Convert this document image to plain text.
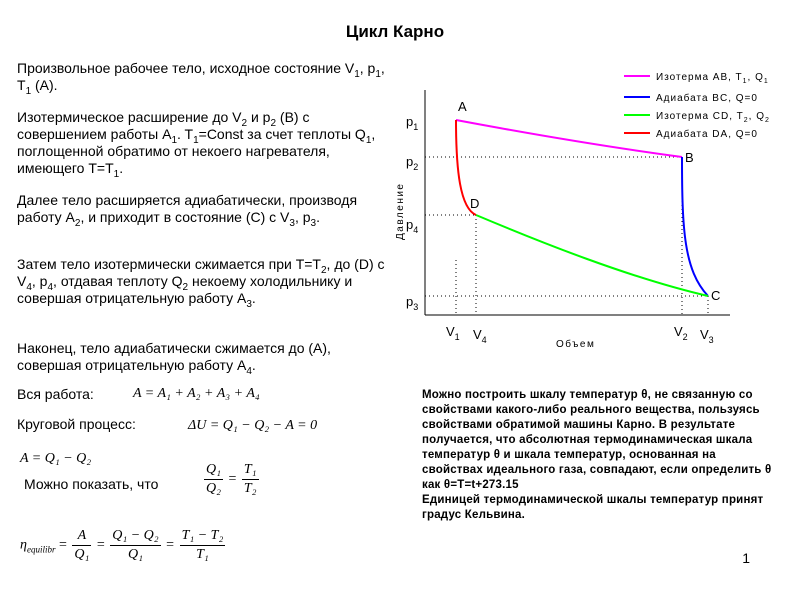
Цикл Карно
Произвольное рабочее тело, исходное состояние $V_1$, $p_1$, $T_1$ (A).
Изотермическое расширение до $V_2$ и $p_2$ (B) с совершением работы $A_1$. $T_1=Const$ за счет теплоты $Q_1$, поглощенной обратимо от некоего нагревателя, имеющего $T=T_1$.
Далее тело расширяется адиабатически, производя работу $A_2$, и приходит в состояние (C) с $V_3$, $p_3$.
Затем тело изотермически сжимается при $T=T_2$, до (D) с $V_4$, $p_4$, отдавая теплоту $Q_2$ некоему холодильнику и совершая отрицательную работу $A_3$.
Наконец, тело адиабатически сжимается до (A), совершая отрицательную работу $A_4$.
Вся работа:	A = A₁ + A₂ + A₃ + A₄
Круговой процесс:	ΔU = Q₁ − Q₂ − A = 0
A = Q₁ − Q₂
Можно показать, что	$\frac{\text{Q₁}}{\text{Q₂}} = \frac{\text{T₁}}{\text{T₂}}$
$\eta_{equilibr} = \frac{A}{\text{Q₁}} = \frac{\text{Q₁ − Q₂}}{\text{Q₁}} = \frac{\text{T₁ − T₂}}{\text{T₁}}$
Можно построить шкалу температур θ, не связанную со свойствами какого-либо реального вещества, пользуясь свойствами обратимой машины Карно. В результате получается, что абсолютная термодинамическая шкала температур θ и шкала температур, основанная на свойствах идеального газа, совпадают, если определить θ как θ=T=t+273.15
Единицей термодинамической шкалы температур принят градус Кельвина.
1
A
B
C
D
$p_1$
$p_2$
$p_4$
$p_3$
$V_1$ $V_4$
$V_2$ $V_3$
Объем
Давление
Изотерма AB, $T_1$, $Q_1$
Адиабата BC, Q=0
Изотерма CD, $T_2$, $Q_2$
Адиабата DA, Q=0
